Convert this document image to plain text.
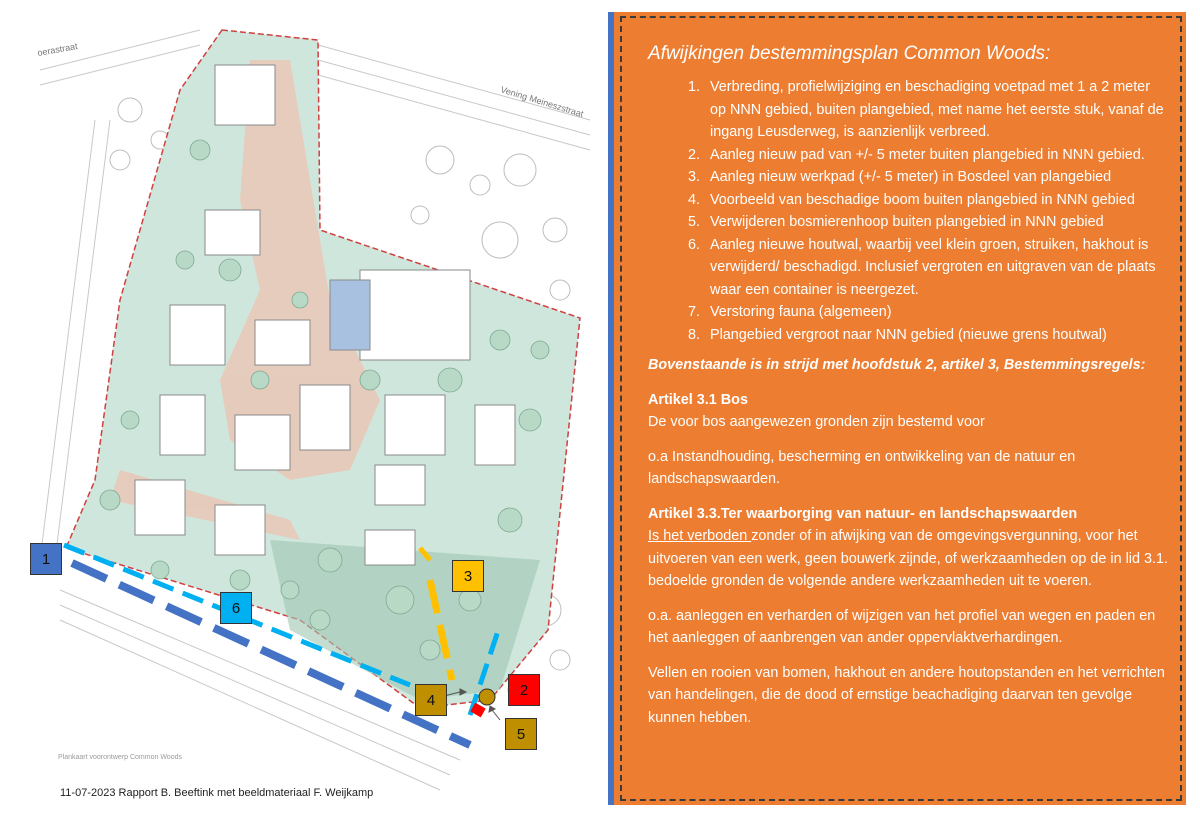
Vening Meineszstraat
oerastraat
1
2
3
4
5
6
Plankaart voorontwerp Common Woods
11-07-2023 Rapport B. Beeftink met beeldmateriaal F. Weijkamp
Afwijkingen bestemmingsplan Common Woods:
1. Verbreding, profielwijziging en beschadiging voetpad met 1 a 2 meter op NNN gebied, buiten plangebied, met name het eerste stuk, vanaf de ingang Leusderweg, is aanzienlijk verbreed.
2. Aanleg nieuw pad van +/- 5 meter buiten plangebied in NNN gebied.
3. Aanleg nieuw werkpad (+/- 5 meter) in Bosdeel van plangebied
4. Voorbeeld van beschadige boom buiten plangebied in NNN gebied
5. Verwijderen bosmierenhoop buiten plangebied in NNN gebied
6. Aanleg nieuwe houtwal, waarbij veel klein groen, struiken, hakhout is verwijderd/ beschadigd. Inclusief vergroten en uitgraven van de plaats waar een container is neergezet.
7. Verstoring fauna (algemeen)
8. Plangebied vergroot naar NNN gebied (nieuwe grens houtwal)
Bovenstaande is in strijd met hoofdstuk 2, artikel 3, Bestemmingsregels:
Artikel 3.1 Bos
De voor bos aangewezen gronden zijn bestemd voor
o.a Instandhouding, bescherming en ontwikkeling van de natuur en landschapswaarden.
Artikel 3.3.Ter waarborging van natuur- en landschapswaarden
Is het verboden zonder of in afwijking van de omgevingsvergunning, voor het uitvoeren van een werk, geen bouwerk zijnde, of werkzaamheden op de in lid 3.1. bedoelde gronden de volgende andere werkzaamheden uit te voeren.
o.a. aanleggen en verharden of wijzigen van het profiel van wegen en paden en het aanleggen of aanbrengen van ander oppervlaktverhardingen.
Vellen en rooien van bomen, hakhout en andere houtopstanden en het verrichten van handelingen, die de dood of ernstige beachadiging daarvan ten gevolge kunnen hebben.
